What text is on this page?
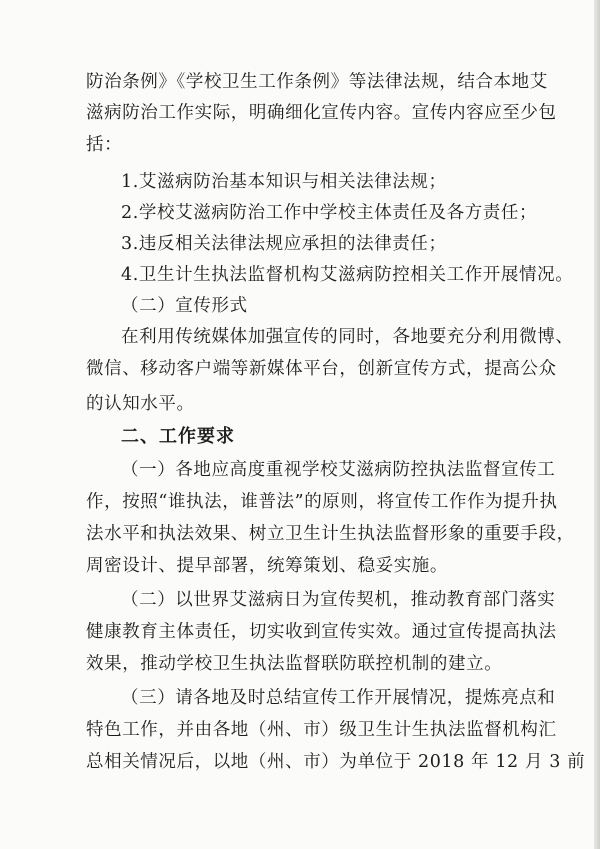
防治条例》《学校卫生工作条例》等法律法规，结合本地艾
滋病防治工作实际，明确细化宣传内容。宣传内容应至少包
括：
1.艾滋病防治基本知识与相关法律法规；
2.学校艾滋病防治工作中学校主体责任及各方责任；
3.违反相关法律法规应承担的法律责任；
4.卫生计生执法监督机构艾滋病防控相关工作开展情况。
（二）宣传形式
在利用传统媒体加强宣传的同时，各地要充分利用微博、
微信、移动客户端等新媒体平台，创新宣传方式，提高公众
的认知水平。
二、工作要求
（一）各地应高度重视学校艾滋病防控执法监督宣传工
作，按照“谁执法，谁普法”的原则，将宣传工作作为提升执
法水平和执法效果、树立卫生计生执法监督形象的重要手段，
周密设计、提早部署，统筹策划、稳妥实施。
（二）以世界艾滋病日为宣传契机，推动教育部门落实
健康教育主体责任，切实收到宣传实效。通过宣传提高执法
效果，推动学校卫生执法监督联防联控机制的建立。
（三）请各地及时总结宣传工作开展情况，提炼亮点和
特色工作，并由各地（州、市）级卫生计生执法监督机构汇
总相关情况后，以地（州、市）为单位于 2018 年 12 月 3 前
